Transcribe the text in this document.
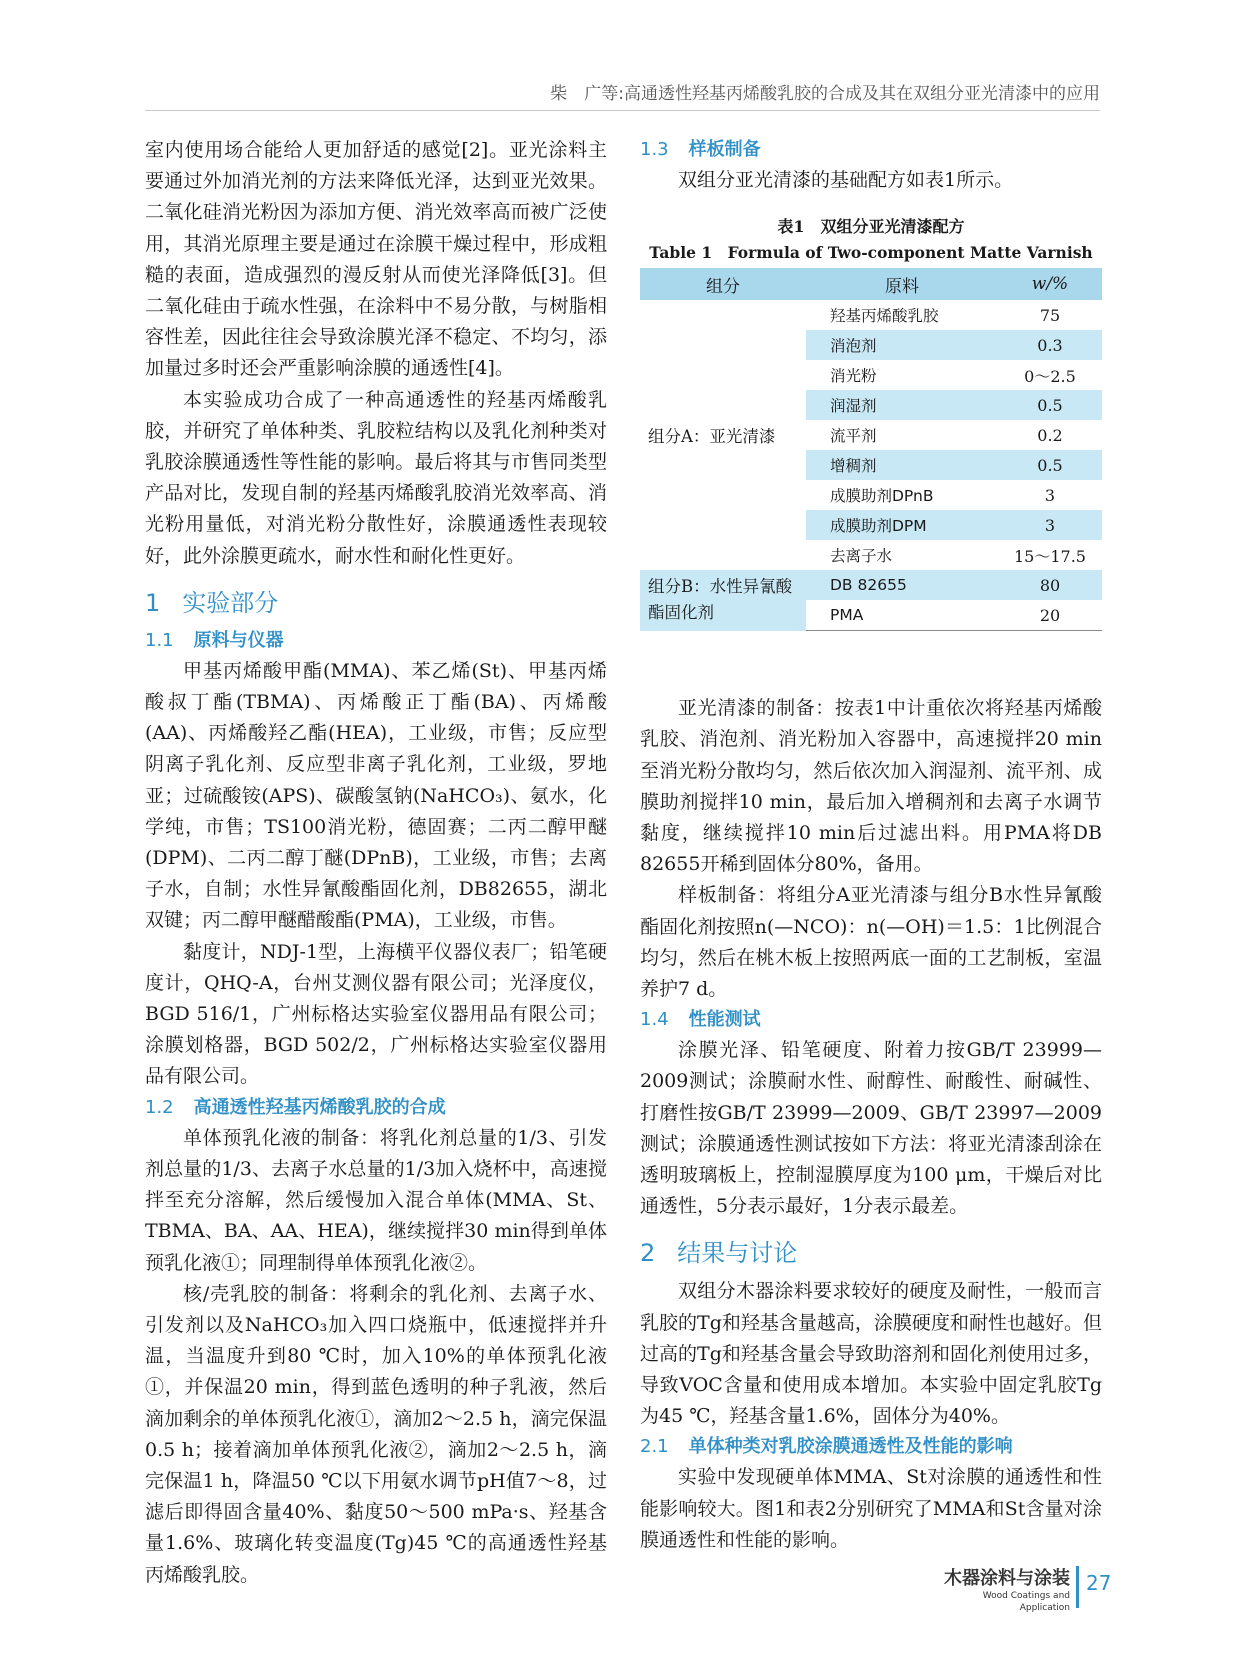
柴　广等:高通透性羟基丙烯酸乳胶的合成及其在双组分亚光清漆中的应用

室内使用场合能给人更加舒适的感觉[2]。亚光涂料主要通过外加消光剂的方法来降低光泽，达到亚光效果。二氧化硅消光粉因为添加方便、消光效率高而被广泛使用，其消光原理主要是通过在涂膜干燥过程中，形成粗糙的表面，造成强烈的漫反射从而使光泽降低[3]。但二氧化硅由于疏水性强，在涂料中不易分散，与树脂相容性差，因此往往会导致涂膜光泽不稳定、不均匀，添加量过多时还会严重影响涂膜的通透性[4]。

本实验成功合成了一种高通透性的羟基丙烯酸乳胶，并研究了单体种类、乳胶粒结构以及乳化剂种类对乳胶涂膜通透性等性能的影响。最后将其与市售同类型产品对比，发现自制的羟基丙烯酸乳胶消光效率高、消光粉用量低，对消光粉分散性好，涂膜通透性表现较好，此外涂膜更疏水，耐水性和耐化性更好。

1 实验部分
1.1 原料与仪器

甲基丙烯酸甲酯(MMA)、苯乙烯(St)、甲基丙烯酸叔丁酯(TBMA)、丙烯酸正丁酯(BA)、丙烯酸(AA)、丙烯酸羟乙酯(HEA)，工业级，市售；反应型阴离子乳化剂、反应型非离子乳化剂，工业级，罗地亚；过硫酸铵(APS)、碳酸氢钠(NaHCO₃)、氨水，化学纯，市售；TS100消光粉，德固赛；二丙二醇甲醚(DPM)、二丙二醇丁醚(DPnB)，工业级，市售；去离子水，自制；水性异氰酸酯固化剂，DB82655，湖北双键；丙二醇甲醚醋酸酯(PMA)，工业级，市售。

黏度计，NDJ-1型，上海横平仪器仪表厂；铅笔硬度计，QHQ-A，台州艾测仪器有限公司；光泽度仪，BGD 516/1，广州标格达实验室仪器用品有限公司；涂膜划格器，BGD 502/2，广州标格达实验室仪器用品有限公司。

1.2 高通透性羟基丙烯酸乳胶的合成

单体预乳化液的制备：将乳化剂总量的1/3、引发剂总量的1/3、去离子水总量的1/3加入烧杯中，高速搅拌至充分溶解，然后缓慢加入混合单体(MMA、St、TBMA、BA、AA、HEA)，继续搅拌30 min得到单体预乳化液①；同理制得单体预乳化液②。

核/壳乳胶的制备：将剩余的乳化剂、去离子水、引发剂以及NaHCO₃加入四口烧瓶中，低速搅拌并升温，当温度升到80 ℃时，加入10%的单体预乳化液①，并保温20 min，得到蓝色透明的种子乳液，然后滴加剩余的单体预乳化液①，滴加2～2.5 h，滴完保温0.5 h；接着滴加单体预乳化液②，滴加2～2.5 h，滴完保温1 h，降温50 ℃以下用氨水调节pH值7～8，过滤后即得固含量40%、黏度50～500 mPa·s、羟基含量1.6%、玻璃化转变温度(Tg)45 ℃的高通透性羟基丙烯酸乳胶。

1.3 样板制备

双组分亚光清漆的基础配方如表1所示。

表1　双组分亚光清漆配方
Table 1　Formula of Two-component Matte Varnish
组分	原料	w/%
组分A：亚光清漆	羟基丙烯酸乳胶	75
	消泡剂	0.3
	消光粉	0～2.5
	润湿剂	0.5
	流平剂	0.2
	增稠剂	0.5
	成膜助剂DPnB	3
	成膜助剂DPM	3
	去离子水	15～17.5
组分B：水性异氰酸酯固化剂	DB 82655	80
	PMA	20

亚光清漆的制备：按表1中计重依次将羟基丙烯酸乳胶、消泡剂、消光粉加入容器中，高速搅拌20 min至消光粉分散均匀，然后依次加入润湿剂、流平剂、成膜助剂搅拌10 min，最后加入增稠剂和去离子水调节黏度，继续搅拌10 min后过滤出料。用PMA将DB 82655开稀到固体分80%，备用。

样板制备：将组分A亚光清漆与组分B水性异氰酸酯固化剂按照n(—NCO)：n(—OH)＝1.5：1比例混合均匀，然后在桃木板上按照两底一面的工艺制板，室温养护7 d。

1.4 性能测试

涂膜光泽、铅笔硬度、附着力按GB/T 23999—2009测试；涂膜耐水性、耐醇性、耐酸性、耐碱性、打磨性按GB/T 23999—2009、GB/T 23997—2009测试；涂膜通透性测试按如下方法：将亚光清漆刮涂在透明玻璃板上，控制湿膜厚度为100 μm，干燥后对比通透性，5分表示最好，1分表示最差。

2 结果与讨论

双组分木器涂料要求较好的硬度及耐性，一般而言乳胶的Tg和羟基含量越高，涂膜硬度和耐性也越好。但过高的Tg和羟基含量会导致助溶剂和固化剂使用过多，导致VOC含量和使用成本增加。本实验中固定乳胶Tg为45 ℃，羟基含量1.6%，固体分为40%。

2.1 单体种类对乳胶涂膜通透性及性能的影响

实验中发现硬单体MMA、St对涂膜的通透性和性能影响较大。图1和表2分别研究了MMA和St含量对涂膜通透性和性能的影响。

木器涂料与涂装
Wood Coatings and Application
27
